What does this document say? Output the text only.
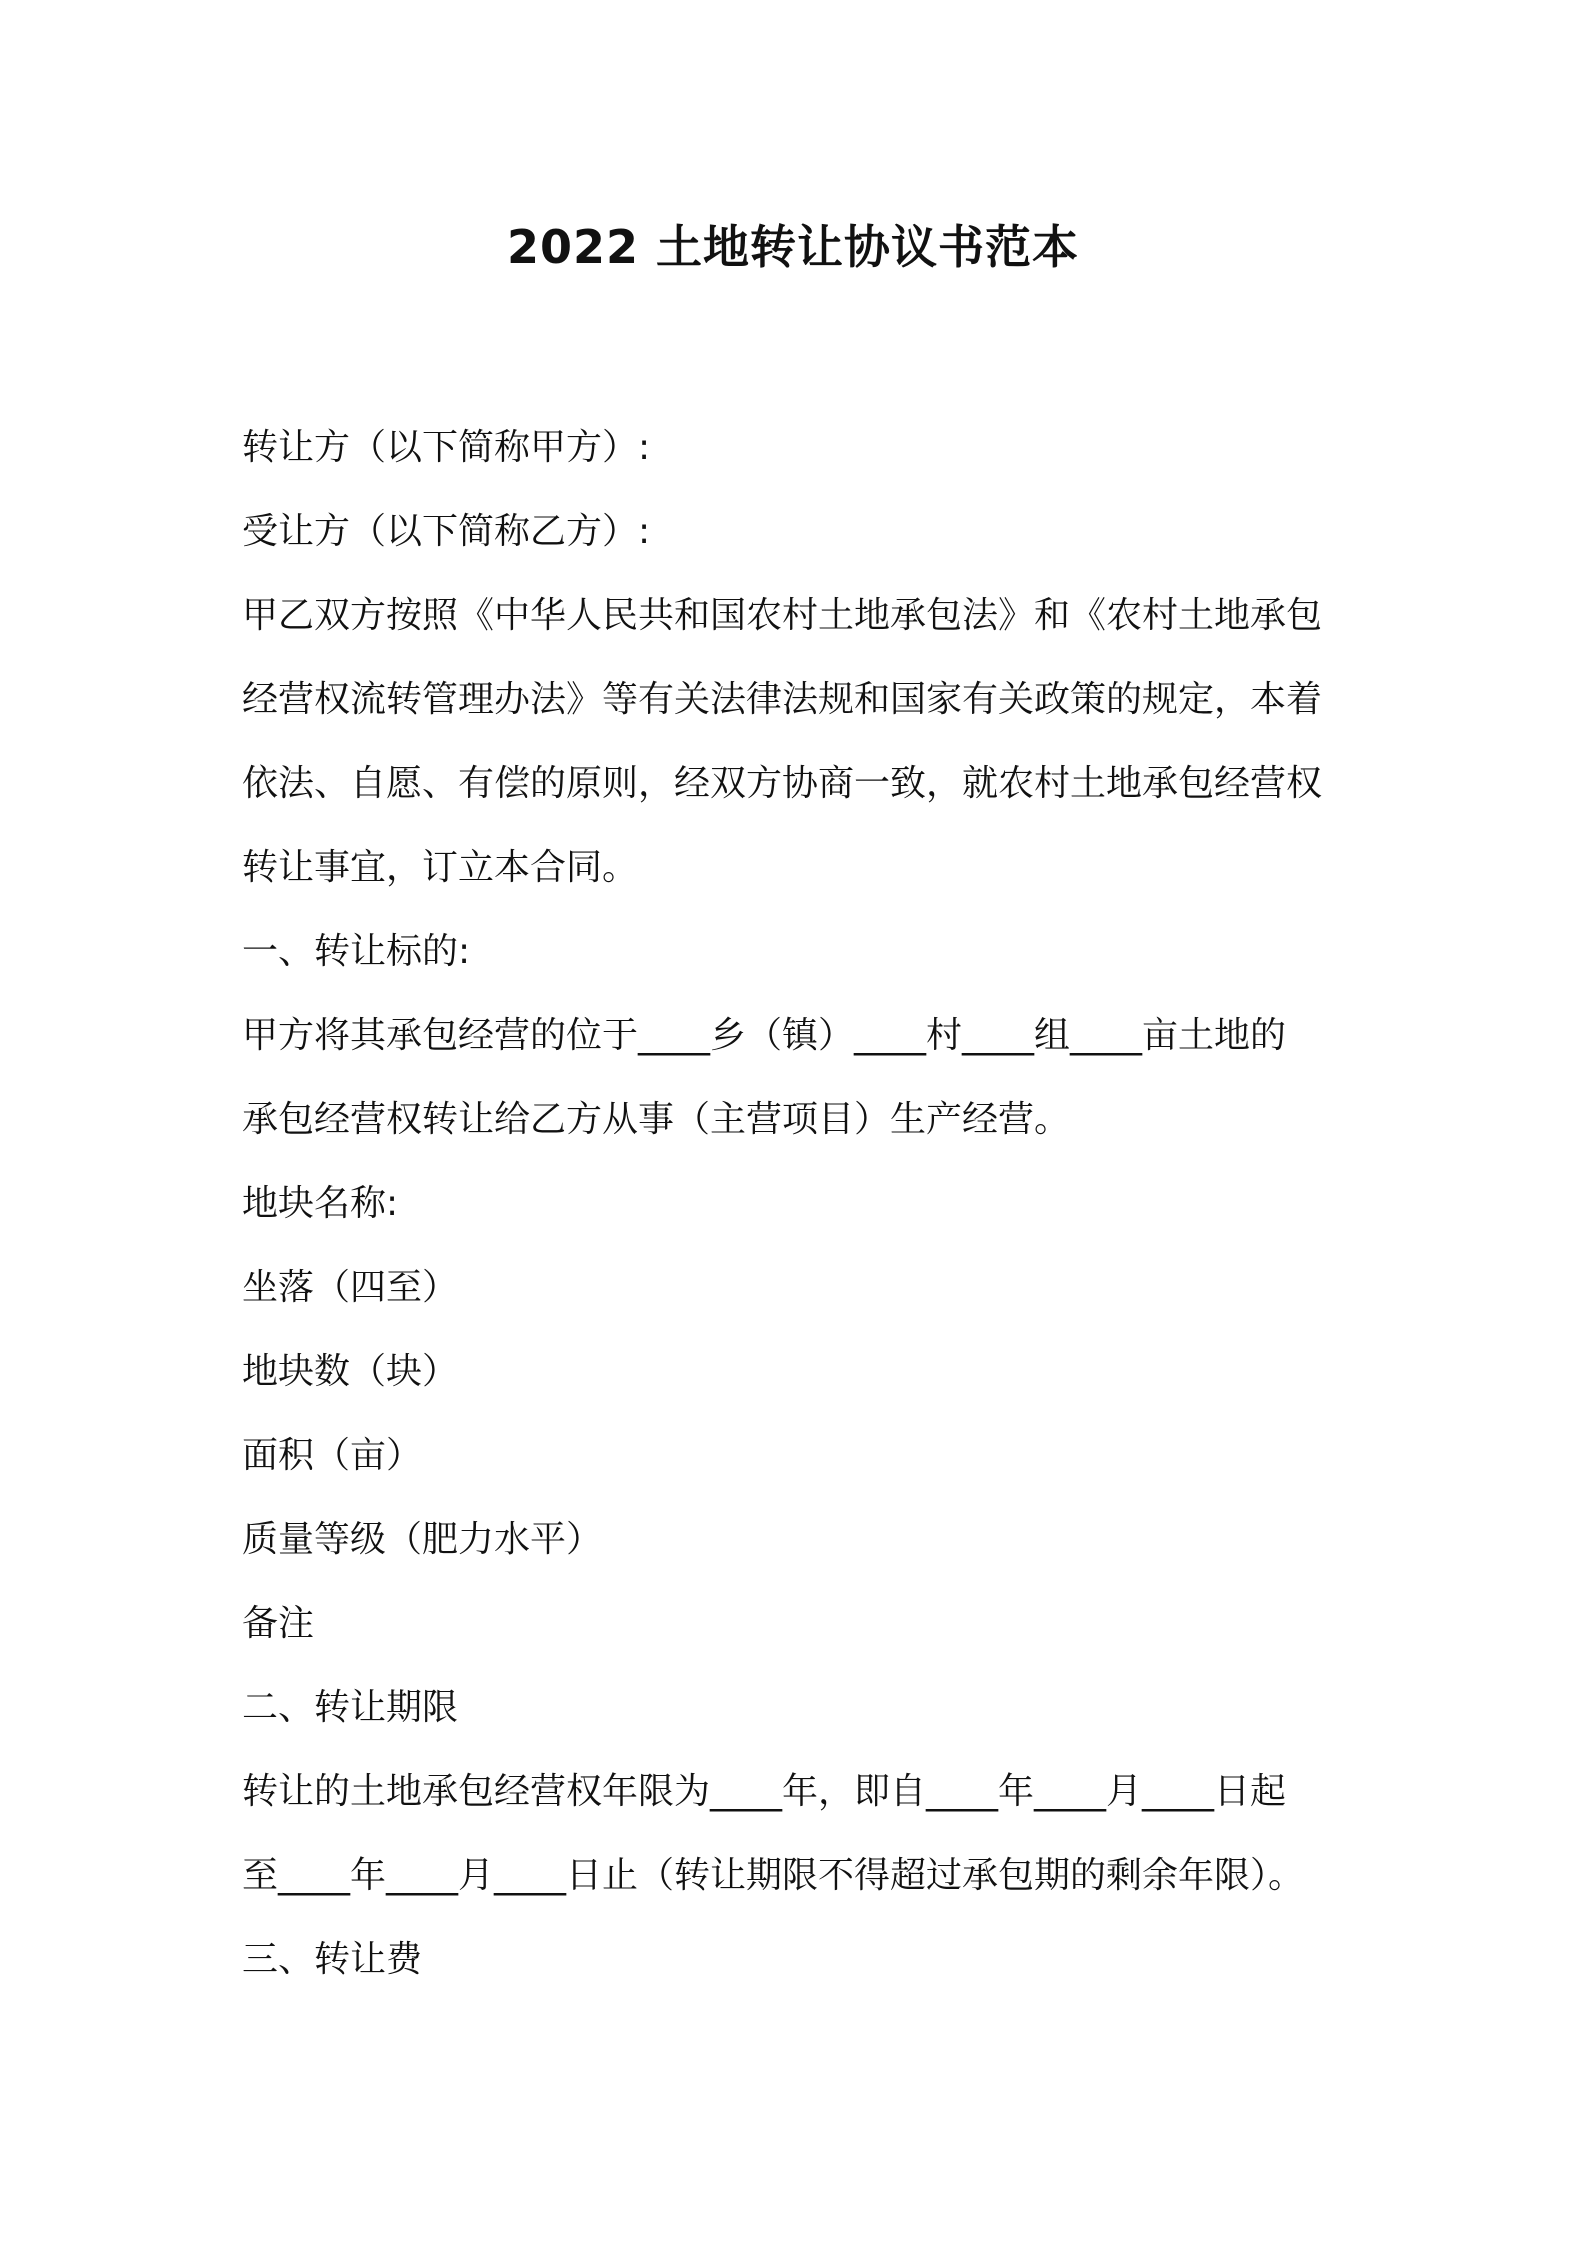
2022 土地转让协议书范本
转让方（以下简称甲方）:
受让方（以下简称乙方）:
甲乙双方按照《中华人民共和国农村土地承包法》和《农村土地承包
经营权流转管理办法》等有关法律法规和国家有关政策的规定，本着
依法、自愿、有偿的原则，经双方协商一致，就农村土地承包经营权
转让事宜，订立本合同。
一、转让标的:
甲方将其承包经营的位于____乡（镇）____村____组____亩土地的
承包经营权转让给乙方从事（主营项目）生产经营。
地块名称:
坐落（四至）
地块数（块）
面积（亩）
质量等级（肥力水平）
备注
二、转让期限
转让的土地承包经营权年限为____年，即自____年____月____日起
至____年____月____日止（转让期限不得超过承包期的剩余年限）。
三、转让费
